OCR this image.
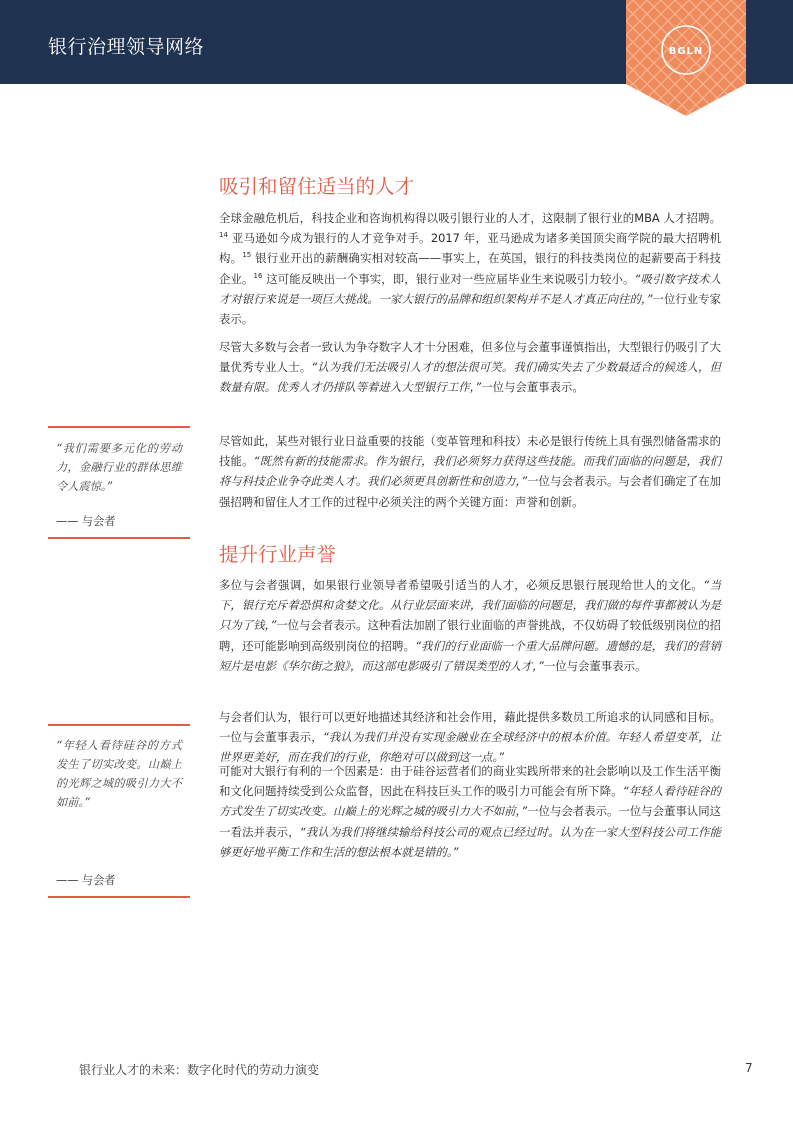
银行治理领导网络	BGLN
吸引和留住适当的人才
全球金融危机后，科技企业和咨询机构得以吸引银行业的人才，这限制了银行业的MBA 人才招聘。$^{14}$ 亚马逊如今成为银行的人才竞争对手。2017 年，亚马逊成为诸多美国顶尖商学院的最大招聘机构。$^{15}$ 银行业开出的薪酬确实相对较高——事实上，在英国，银行的科技类岗位的起薪要高于科技企业。$^{16}$ 这可能反映出一个事实，即，银行业对一些应届毕业生来说吸引力较小。“吸引数字技术人才对银行来说是一项巨大挑战。一家大银行的品牌和组织架构并不是人才真正向往的，”一位行业专家表示。
尽管大多数与会者一致认为争夺数字人才十分困难，但多位与会董事谨慎指出，大型银行仍吸引了大量优秀专业人士。“认为我们无法吸引人才的想法很可笑。我们确实失去了少数最适合的候选人，但数量有限。优秀人才仍排队等着进入大型银行工作，”一位与会董事表示。
尽管如此，某些对银行业日益重要的技能（变革管理和科技）未必是银行传统上具有强烈储备需求的技能。“既然有新的技能需求。作为银行，我们必须努力获得这些技能。而我们面临的问题是，我们将与科技企业争夺此类人才。我们必须更具创新性和创造力，”一位与会者表示。与会者们确定了在加强招聘和留住人才工作的过程中必须关注的两个关键方面：声誉和创新。
提升行业声誉
多位与会者强调，如果银行业领导者希望吸引适当的人才，必须反思银行展现给世人的文化。“当下，银行充斥着恐惧和贪婪文化。从行业层面来讲，我们面临的问题是，我们做的每件事都被认为是只为了钱，”一位与会者表示。这种看法加剧了银行业面临的声誉挑战，不仅妨碍了较低级别岗位的招聘，还可能影响到高级别岗位的招聘。“我们的行业面临一个重大品牌问题。遗憾的是，我们的营销短片是电影《华尔街之狼》，而这部电影吸引了错误类型的人才，”一位与会董事表示。
与会者们认为，银行可以更好地描述其经济和社会作用，藉此提供多数员工所追求的认同感和目标。一位与会董事表示，“我认为我们并没有实现金融业在全球经济中的根本价值。年轻人希望变革，让世界更美好，而在我们的行业，你绝对可以做到这一点。”
可能对大银行有利的一个因素是：由于硅谷运营者们的商业实践所带来的社会影响以及工作生活平衡和文化问题持续受到公众监督，因此在科技巨头工作的吸引力可能会有所下降。“年轻人看待硅谷的方式发生了切实改变。山巅上的光辉之城的吸引力大不如前，”一位与会者表示。一位与会董事认同这一看法并表示，“我认为我们将继续输给科技公司的观点已经过时。认为在一家大型科技公司工作能够更好地平衡工作和生活的想法根本就是错的。”
“我们需要多元化的劳动力，金融行业的群体思维令人震惊。”
—— 与会者
“年轻人看待硅谷的方式发生了切实改变。山巅上的光辉之城的吸引力大不如前。”
—— 与会者
银行业人才的未来：数字化时代的劳动力演变	7
